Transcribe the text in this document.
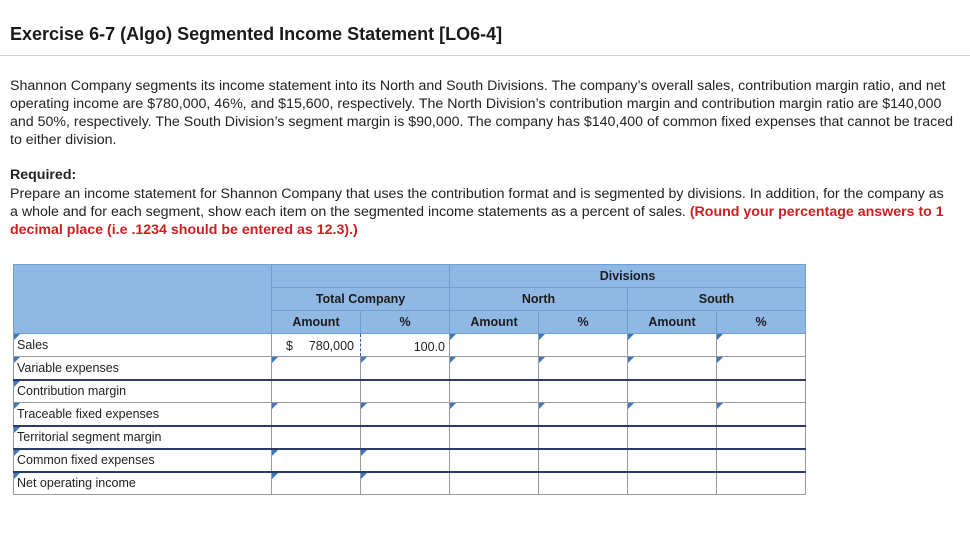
Exercise 6-7 (Algo) Segmented Income Statement [LO6-4]

Shannon Company segments its income statement into its North and South Divisions. The company’s overall sales, contribution margin ratio, and net operating income are $780,000, 46%, and $15,600, respectively. The North Division’s contribution margin and contribution margin ratio are $140,000 and 50%, respectively. The South Division’s segment margin is $90,000. The company has $140,400 of common fixed expenses that cannot be traced to either division.

Required:

Prepare an income statement for Shannon Company that uses the contribution format and is segmented by divisions. In addition, for the company as a whole and for each segment, show each item on the segmented income statements as a percent of sales. (Round your percentage answers to 1 decimal place (i.e .1234 should be entered as 12.3).)

			Divisions			
	Total Company		North		South	
	Amount	%	Amount	%	Amount	%

Sales	$ 780,000	100.0				

Variable expenses	

Contribution margin						

Traceable fixed expenses	

Territorial segment margin						

Common fixed expenses	

Net operating income	
